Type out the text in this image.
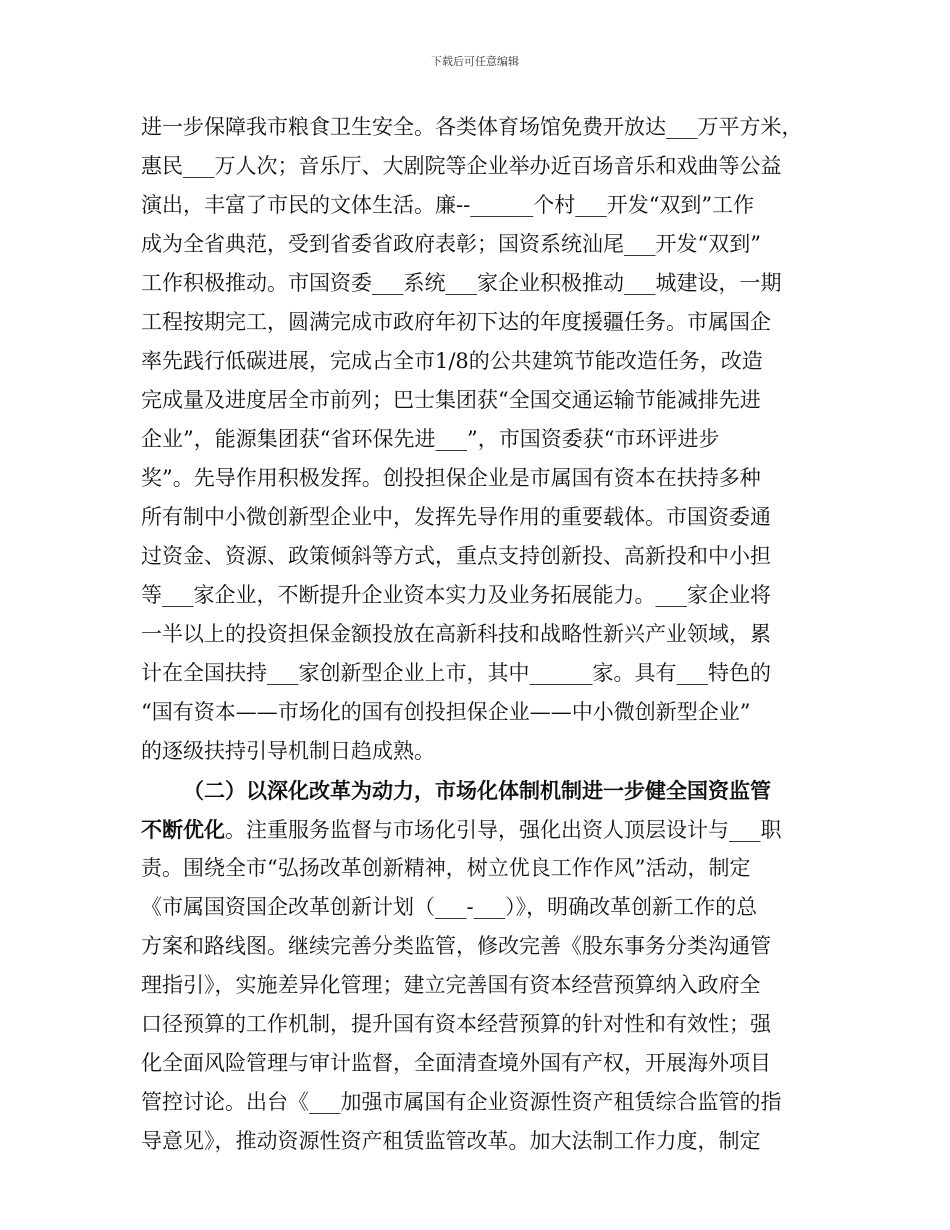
下载后可任意编辑
进一步保障我市粮食卫生安全。各类体育场馆免费开放达___万平方米，
惠民___万人次；音乐厅、大剧院等企业举办近百场音乐和戏曲等公益
演出，丰富了市民的文体生活。廉--______个村___开发“双到”工作
成为全省典范，受到省委省政府表彰；国资系统汕尾___开发“双到”
工作积极推动。市国资委___系统___家企业积极推动___城建设，一期
工程按期完工，圆满完成市政府年初下达的年度援疆任务。市属国企
率先践行低碳进展，完成占全市1/8的公共建筑节能改造任务，改造
完成量及进度居全市前列；巴士集团获“全国交通运输节能减排先进
企业”，能源集团获“省环保先进___”，市国资委获“市环评进步
奖”。先导作用积极发挥。创投担保企业是市属国有资本在扶持多种
所有制中小微创新型企业中，发挥先导作用的重要载体。市国资委通
过资金、资源、政策倾斜等方式，重点支持创新投、高新投和中小担
等___家企业，不断提升企业资本实力及业务拓展能力。___家企业将
一半以上的投资担保金额投放在高新科技和战略性新兴产业领域，累
计在全国扶持___家创新型企业上市，其中______家。具有___特色的
“国有资本——市场化的国有创投担保企业——中小微创新型企业”
的逐级扶持引导机制日趋成熟。
（二）以深化改革为动力，市场化体制机制进一步健全国资监管
不断优化。注重服务监督与市场化引导，强化出资人顶层设计与___职
责。围绕全市“弘扬改革创新精神，树立优良工作作风”活动，制定
《市属国资国企改革创新计划（___-___）》，明确改革创新工作的总
方案和路线图。继续完善分类监管，修改完善《股东事务分类沟通管
理指引》，实施差异化管理；建立完善国有资本经营预算纳入政府全
口径预算的工作机制，提升国有资本经营预算的针对性和有效性；强
化全面风险管理与审计监督，全面清查境外国有产权，开展海外项目
管控讨论。出台《___加强市属国有企业资源性资产租赁综合监管的指
导意见》，推动资源性资产租赁监管改革。加大法制工作力度，制定
